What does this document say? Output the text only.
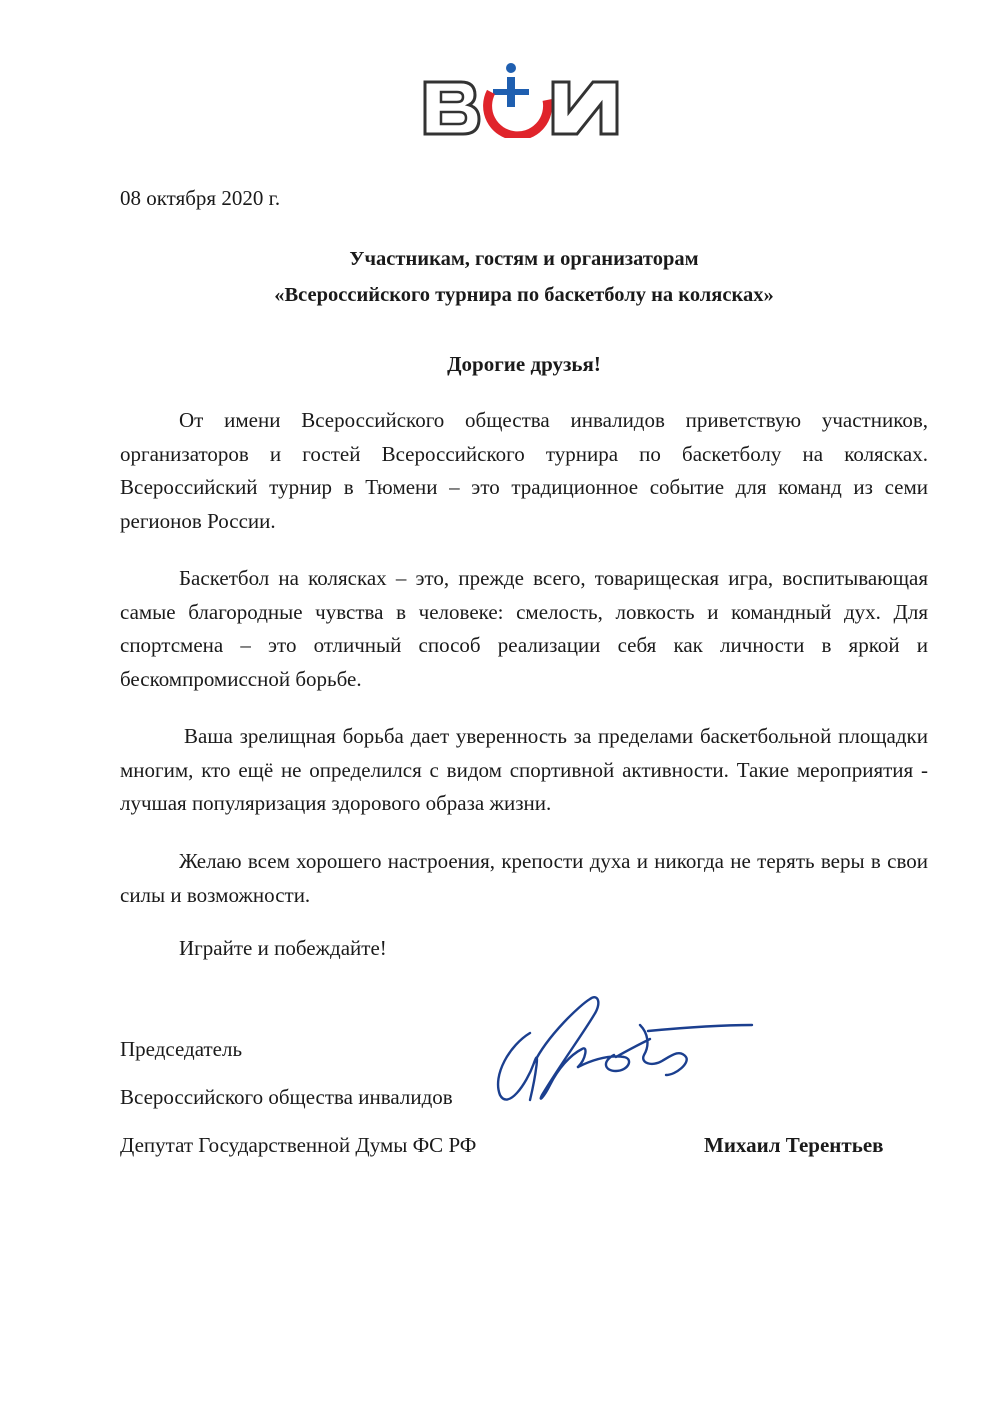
08 октября 2020 г.
Участникам, гостям и организаторам
«Всероссийского турнира по баскетболу на колясках»
Дорогие друзья!

От имени Всероссийского общества инвалидов приветствую участников, организаторов и гостей Всероссийского турнира по баскетболу на колясках. Всероссийский турнир в Тюмени – это традиционное событие для команд из семи регионов России.

Баскетбол на колясках – это, прежде всего, товарищеская игра, воспитывающая самые благородные чувства в человеке: смелость, ловкость и командный дух. Для спортсмена – это отличный способ реализации себя как личности в яркой и бескомпромиссной борьбе.

Ваша зрелищная борьба дает уверенность за пределами баскетбольной площадки многим, кто ещё не определился с видом спортивной активности. Такие мероприятия - лучшая популяризация здорового образа жизни.

Желаю всем хорошего настроения, крепости духа и никогда не терять веры в свои силы и возможности.

Играйте и побеждайте!
Председатель
Всероссийского общества инвалидов
Депутат Государственной Думы ФС РФ	Михаил Терентьев
